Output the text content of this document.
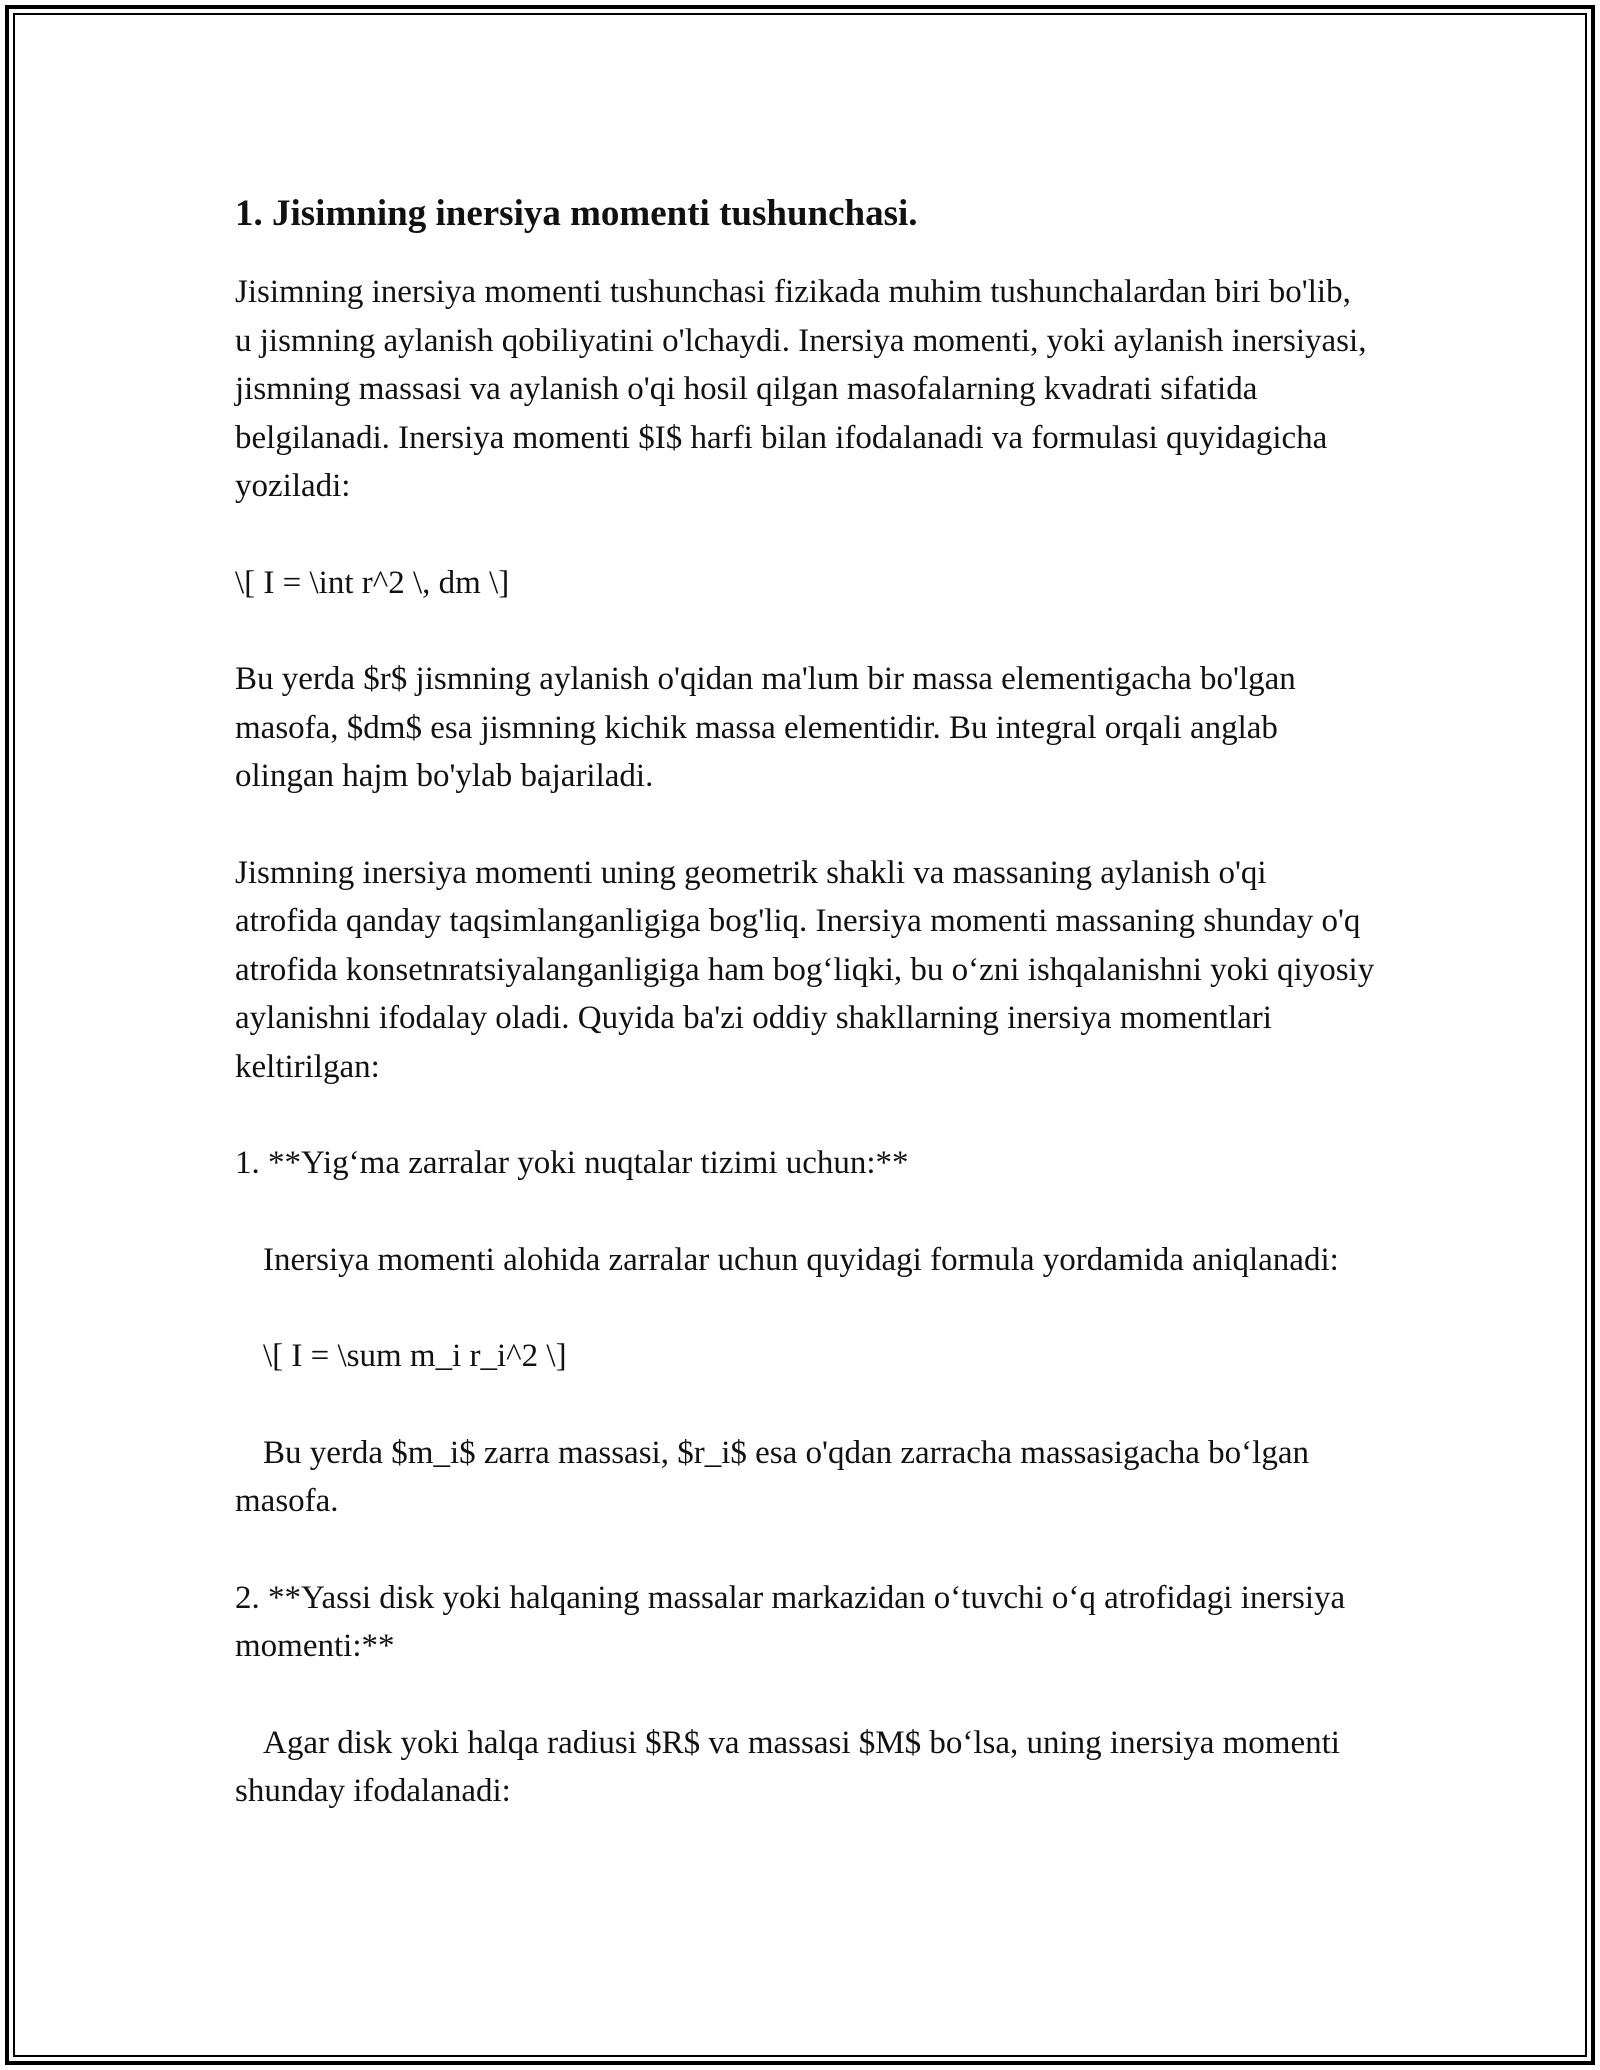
1. Jisimning inersiya momenti tushunchasi.

Jisimning inersiya momenti tushunchasi fizikada muhim tushunchalardan biri bo'lib, u jismning aylanish qobiliyatini o'lchaydi. Inersiya momenti, yoki aylanish inersiyasi, jismning massasi va aylanish o'qi hosil qilgan masofalarning kvadrati sifatida belgilanadi. Inersiya momenti $I$ harfi bilan ifodalanadi va formulasi quyidagicha yoziladi:

\[ I = \int r^2 \, dm \]

Bu yerda $r$ jismning aylanish o'qidan ma'lum bir massa elementigacha bo'lgan masofa, $dm$ esa jismning kichik massa elementidir. Bu integral orqali anglab olingan hajm bo'ylab bajariladi.

Jismning inersiya momenti uning geometrik shakli va massaning aylanish o'qi atrofida qanday taqsimlanganligiga bog'liq. Inersiya momenti massaning shunday o'q atrofida konsetnratsiyalanganligiga ham bog‘liqki, bu o‘zni ishqalanishni yoki qiyosiy aylanishni ifodalay oladi. Quyida ba'zi oddiy shakllarning inersiya momentlari keltirilgan:

1. **Yig‘ma zarralar yoki nuqtalar tizimi uchun:**

Inersiya momenti alohida zarralar uchun quyidagi formula yordamida aniqlanadi:

\[ I = \sum m_i r_i^2 \]

Bu yerda $m_i$ zarra massasi, $r_i$ esa o'qdan zarracha massasigacha bo‘lgan masofa.

2. **Yassi disk yoki halqaning massalar markazidan o‘tuvchi o‘q atrofidagi inersiya momenti:**

Agar disk yoki halqa radiusi $R$ va massasi $M$ bo‘lsa, uning inersiya momenti shunday ifodalanadi:
